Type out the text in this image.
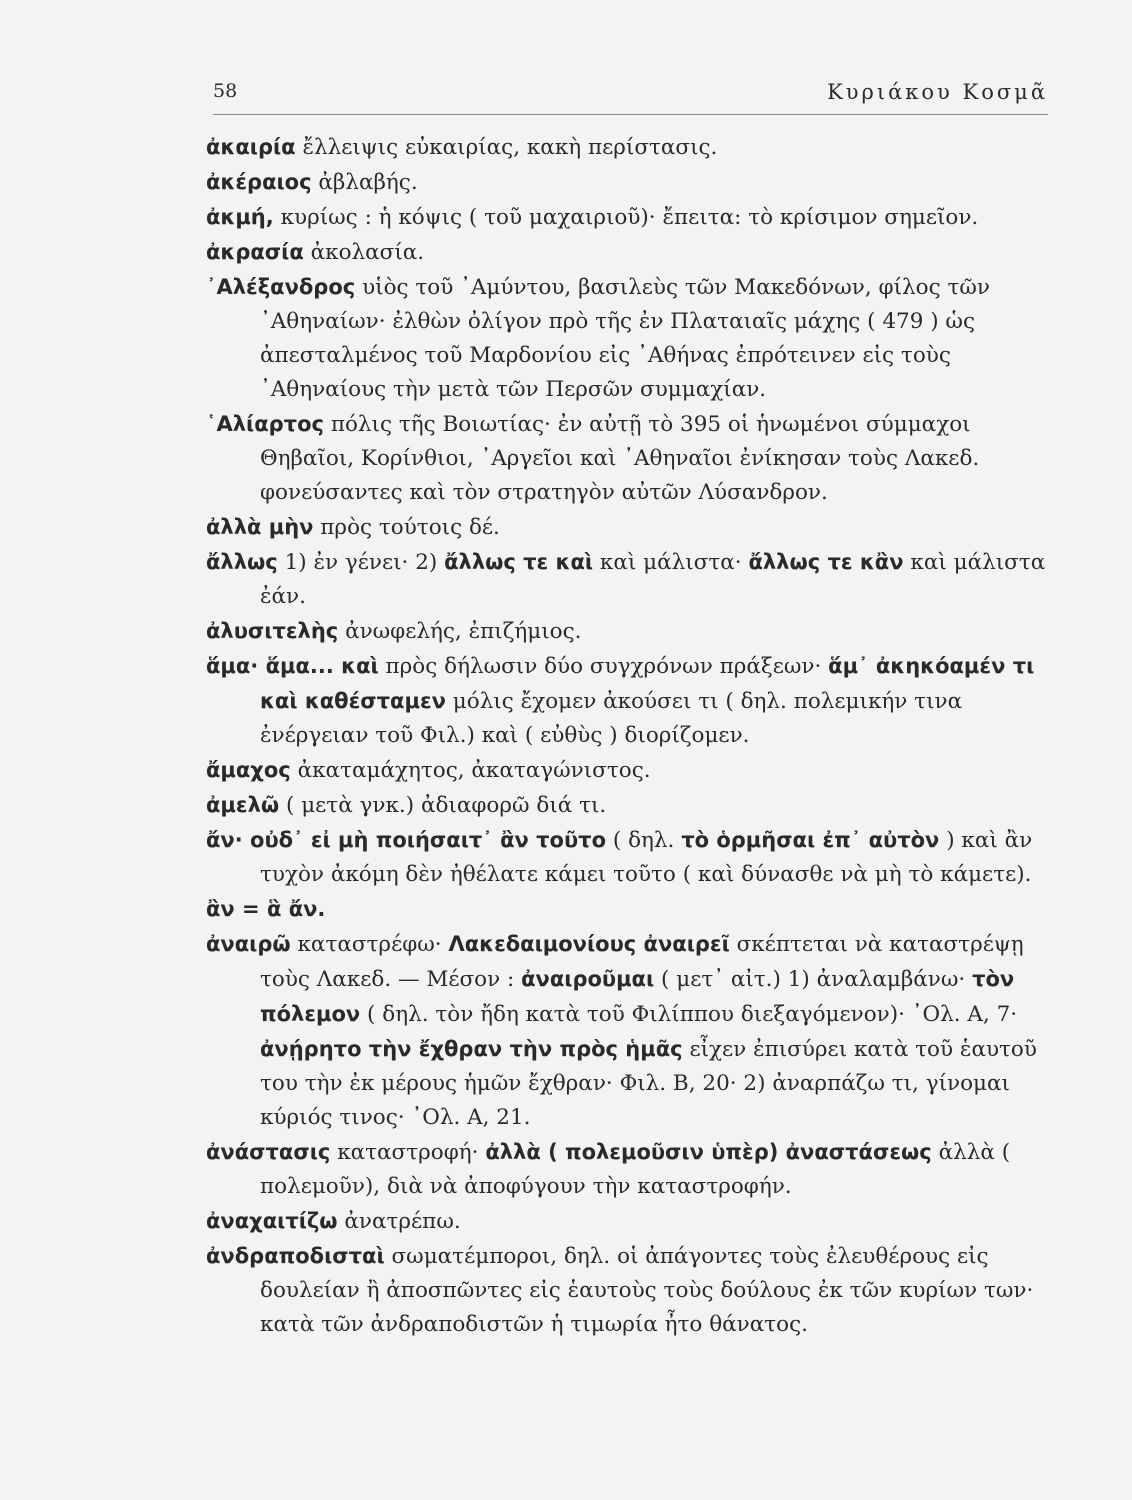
58	Κυριάκου Κοσμᾶ
ἀκαιρία ἔλλειψις εὐκαιρίας, κακὴ περίστασις.
ἀκέραιος ἀβλαβής.
ἀκμή, κυρίως : ἡ κόψις ( τοῦ μαχαιριοῦ)· ἔπειτα: τὸ κρίσιμον σημεῖον.
ἀκρασία ἀκολασία.
᾿Αλέξανδρος υἱὸς τοῦ ᾿Αμύντου, βασιλεὺς τῶν Μακεδόνων, φίλος τῶν ᾿Αθηναίων· ἐλθὼν ὀλίγον πρὸ τῆς ἐν Πλαταιαῖς μάχης ( 479 ) ὡς ἀπεσταλμένος τοῦ Μαρδονίου εἰς ᾿Αθήνας ἐπρότεινεν εἰς τοὺς ᾿Αθηναίους τὴν μετὰ τῶν Περσῶν συμμαχίαν.
῾Αλίαρτος πόλις τῆς Βοιωτίας· ἐν αὐτῇ τὸ 395 οἱ ἡνωμένοι σύμμαχοι Θηβαῖοι, Κορίνθιοι, ᾿Αργεῖοι καὶ ᾿Αθηναῖοι ἐνίκησαν τοὺς Λακεδ. φονεύσαντες καὶ τὸν στρατηγὸν αὐτῶν Λύσανδρον.
ἀλλὰ μὴν πρὸς τούτοις δέ.
ἄλλως 1) ἐν γένει· 2) ἄλλως τε καὶ καὶ μάλιστα· ἄλλως τε κἂν καὶ μάλιστα ἐάν.
ἀλυσιτελὴς ἀνωφελής, ἐπιζήμιος.
ἅμα· ἅμα... καὶ πρὸς δήλωσιν δύο συγχρόνων πράξεων· ἅμ᾿ ἀκηκόαμέν τι καὶ καθέσταμεν μόλις ἔχομεν ἀκούσει τι ( δηλ. πολεμικήν τινα ἐνέργειαν τοῦ Φιλ.) καὶ ( εὐθὺς ) διορίζομεν.
ἄμαχος ἀκαταμάχητος, ἀκαταγώνιστος.
ἀμελῶ ( μετὰ γνκ.) ἀδιαφορῶ διά τι.
ἄν· οὐδ᾿ εἰ μὴ ποιήσαιτ᾿ ἂν τοῦτο ( δηλ. τὸ ὁρμῆσαι ἐπ᾿ αὐτὸν ) καὶ ἂν τυχὸν ἀκόμη δὲν ἠθέλατε κάμει τοῦτο ( καὶ δύνασθε νὰ μὴ τὸ κάμετε).
ἂν = ἃ ἄν.
ἀναιρῶ καταστρέφω· Λακεδαιμονίους ἀναιρεῖ σκέπτεται νὰ καταστρέψῃ τοὺς Λακεδ. — Μέσον : ἀναιροῦμαι ( μετ᾿ αἰτ.) 1) ἀναλαμβάνω· τὸν πόλεμον ( δηλ. τὸν ἤδη κατὰ τοῦ Φιλίππου διεξαγόμενον)· ᾿Ολ. Α, 7· ἀνῄρητο τὴν ἔχθραν τὴν πρὸς ἡμᾶς εἶχεν ἐπισύρει κατὰ τοῦ ἑαυτοῦ του τὴν ἐκ μέρους ἡμῶν ἔχθραν· Φιλ. Β, 20· 2) ἀναρπάζω τι, γίνομαι κύριός τινος· ᾿Ολ. Α, 21.
ἀνάστασις καταστροφή· ἀλλὰ ( πολεμοῦσιν ὑπὲρ) ἀναστάσεως ἀλλὰ ( πολεμοῦν), διὰ νὰ ἀποφύγουν τὴν καταστροφήν.
ἀναχαιτίζω ἀνατρέπω.
ἀνδραποδισταὶ σωματέμποροι, δηλ. οἱ ἀπάγοντες τοὺς ἐλευθέρους εἰς δουλείαν ἢ ἀποσπῶντες εἰς ἑαυτοὺς τοὺς δούλους ἐκ τῶν κυρίων των· κατὰ τῶν ἀνδραποδιστῶν ἡ τιμωρία ἦτο θάνατος.
